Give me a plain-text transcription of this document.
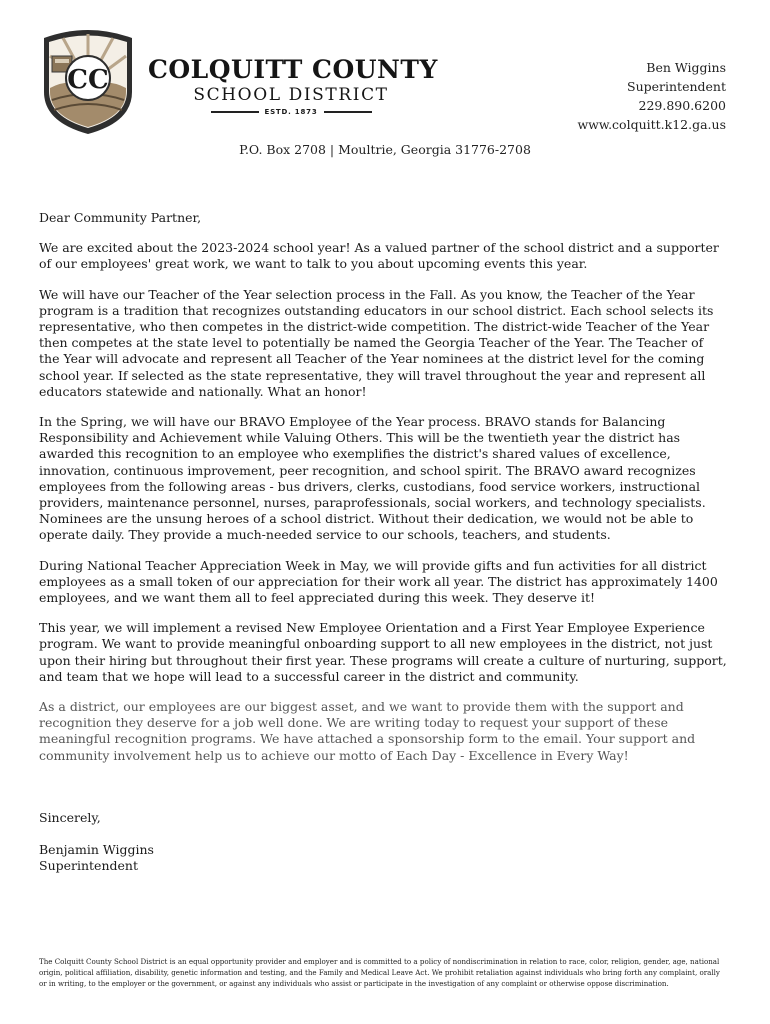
CC COLQUITT COUNTY
SCHOOL DISTRICT
ESTD. 1873
Ben Wiggins
Superintendent
229.890.6200
www.colquitt.k12.ga.us
P.O. Box 2708 | Moultrie, Georgia 31776-2708

Dear Community Partner,

We are excited about the 2023-2024 school year! As a valued partner of the school district and a supporter of our employees' great work, we want to talk to you about upcoming events this year.

We will have our Teacher of the Year selection process in the Fall. As you know, the Teacher of the Year program is a tradition that recognizes outstanding educators in our school district. Each school selects its representative, who then competes in the district-wide competition. The district-wide Teacher of the Year then competes at the state level to potentially be named the Georgia Teacher of the Year. The Teacher of the Year will advocate and represent all Teacher of the Year nominees at the district level for the coming school year. If selected as the state representative, they will travel throughout the year and represent all educators statewide and nationally. What an honor!

In the Spring, we will have our BRAVO Employee of the Year process. BRAVO stands for Balancing Responsibility and Achievement while Valuing Others. This will be the twentieth year the district has awarded this recognition to an employee who exemplifies the district's shared values of excellence, innovation, continuous improvement, peer recognition, and school spirit. The BRAVO award recognizes employees from the following areas - bus drivers, clerks, custodians, food service workers, instructional providers, maintenance personnel, nurses, paraprofessionals, social workers, and technology specialists. Nominees are the unsung heroes of a school district. Without their dedication, we would not be able to operate daily. They provide a much-needed service to our schools, teachers, and students.

During National Teacher Appreciation Week in May, we will provide gifts and fun activities for all district employees as a small token of our appreciation for their work all year. The district has approximately 1400 employees, and we want them all to feel appreciated during this week. They deserve it!

This year, we will implement a revised New Employee Orientation and a First Year Employee Experience program. We want to provide meaningful onboarding support to all new employees in the district, not just upon their hiring but throughout their first year. These programs will create a culture of nurturing, support, and team that we hope will lead to a successful career in the district and community.

As a district, our employees are our biggest asset, and we want to provide them with the support and recognition they deserve for a job well done. We are writing today to request your support of these meaningful recognition programs. We have attached a sponsorship form to the email. Your support and community involvement help us to achieve our motto of Each Day - Excellence in Every Way!

Sincerely,

Benjamin Wiggins
Superintendent
The Colquitt County School District is an equal opportunity provider and employer and is committed to a policy of nondiscrimination in relation to race, color, religion, gender, age, national origin, political affiliation, disability, genetic information and testing, and the Family and Medical Leave Act. We prohibit retaliation against individuals who bring forth any complaint, orally or in writing, to the employer or the government, or against any individuals who assist or participate in the investigation of any complaint or otherwise oppose discrimination.
